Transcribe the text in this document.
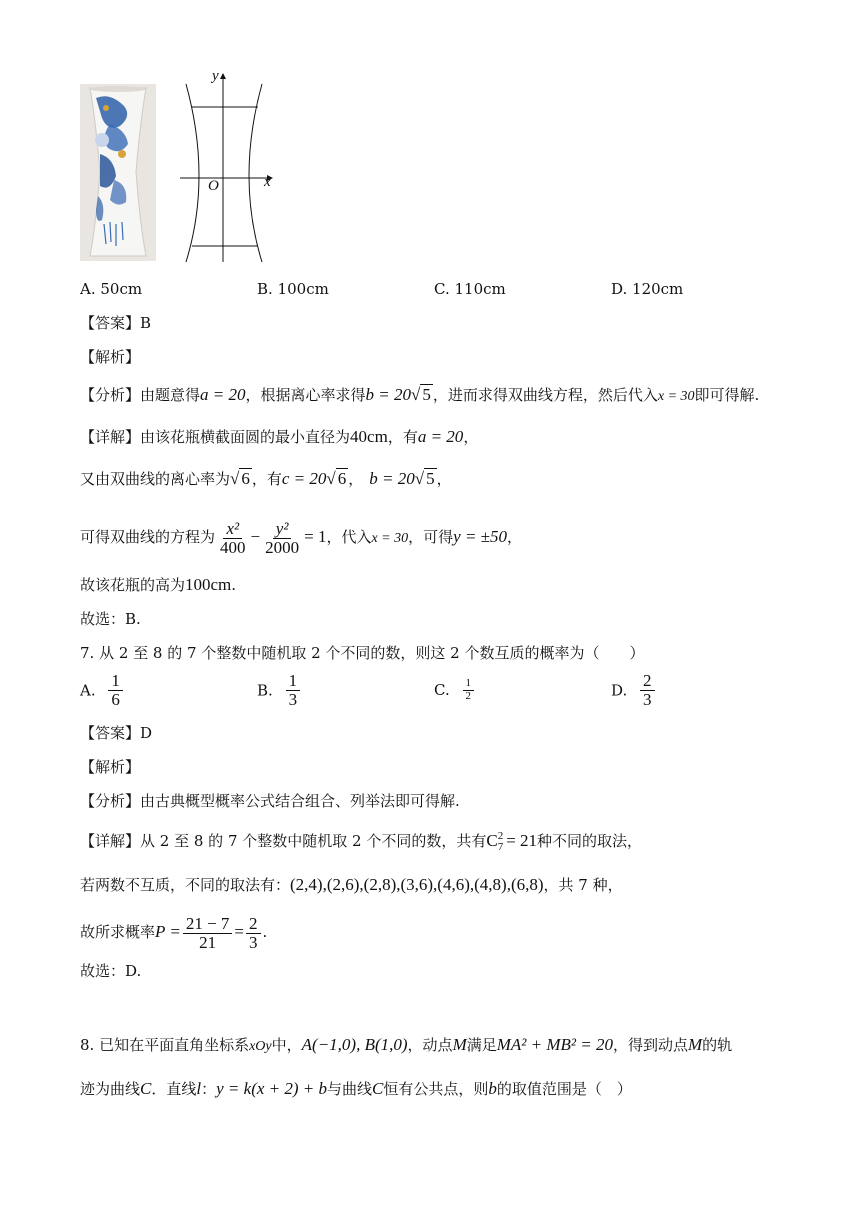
y
x
O
A. 50cm	B. 100cm	C. 110cm	D. 120cm
【答案】B
【解析】
【分析】由题意得a = 20，根据离心率求得b = 20√ 5 ，进而求得双曲线方程，然后代入x = 30即可得解.
【详解】由该花瓶横截面圆的最小直径为40cm，有a = 20，
又由双曲线的离心率为√ 6 ，有c = 20√ 6 ， b = 20√ 5 ，
可得双曲线的方程为 $\frac{\text{x²}}{400} - \frac{\text{y²}}{2000} = 1$，代入x = 30，可得y = ±50，
故该花瓶的高为100cm.
故选：B.
7. 从 2 至 8 的 7 个整数中随机取 2 个不同的数，则这 2 个数互质的概率为（　　）
A. $\frac{1}{6}$	B. $\frac{1}{3}$	C. $\frac{1}{2}$	D. $\frac{2}{3}$
【答案】D
【解析】
【分析】由古典概型概率公式结合组合、列举法即可得解.
【详解】从 2 至 8 的 7 个整数中随机取 2 个不同的数，共有C 2
7 = 21种不同的取法，
若两数不互质，不同的取法有：(2,4),(2,6),(2,8),(3,6),(4,6),(4,8),(6,8)，共 7 种，
故所求概率$P = \frac{21 - 7}{21} = \frac{2}{3}$ .
故选：D.
8. 已知在平面直角坐标系xOy中，A(−1,0), B(1,0)，动点M满足MA² + MB² = 20，得到动点M的轨
迹为曲线C．直线l：y = k(x + 2) + b与曲线C恒有公共点，则b的取值范围是（　）
